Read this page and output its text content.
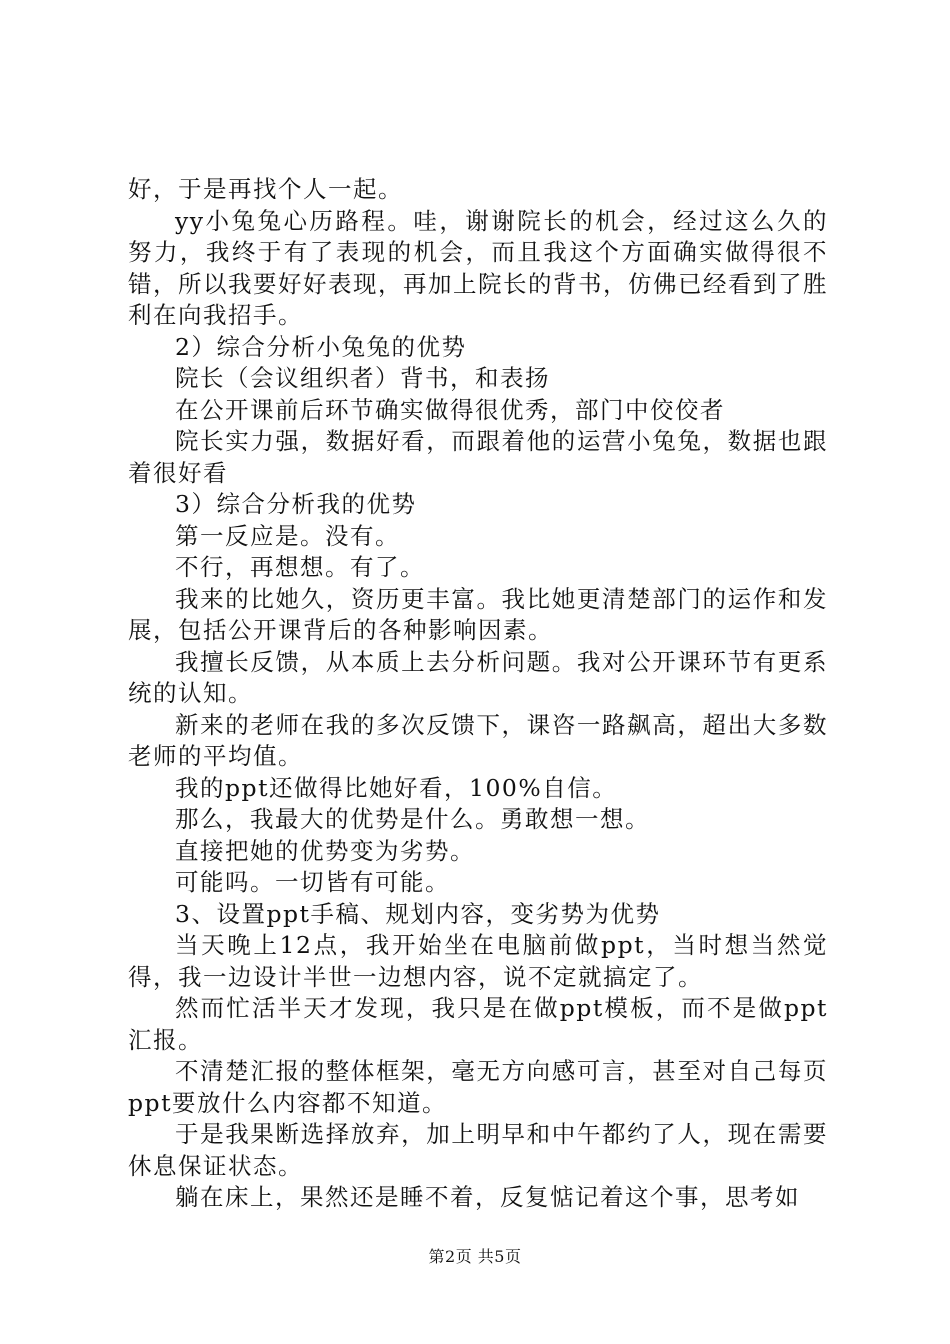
好，于是再找个人一起。

yy小兔兔心历路程。哇，谢谢院长的机会，经过这么久的努力，我终于有了表现的机会，而且我这个方面确实做得很不错，所以我要好好表现，再加上院长的背书，仿佛已经看到了胜利在向我招手。

2）综合分析小兔兔的优势

院长（会议组织者）背书，和表扬

在公开课前后环节确实做得很优秀，部门中佼佼者

院长实力强，数据好看，而跟着他的运营小兔兔，数据也跟着很好看

3）综合分析我的优势

第一反应是。没有。

不行，再想想。有了。

我来的比她久，资历更丰富。我比她更清楚部门的运作和发展，包括公开课背后的各种影响因素。

我擅长反馈，从本质上去分析问题。我对公开课环节有更系统的认知。

新来的老师在我的多次反馈下，课咨一路飙高，超出大多数老师的平均值。

我的ppt还做得比她好看，100%自信。

那么，我最大的优势是什么。勇敢想一想。

直接把她的优势变为劣势。

可能吗。一切皆有可能。

3、设置ppt手稿、规划内容，变劣势为优势

当天晚上12点，我开始坐在电脑前做ppt，当时想当然觉得，我一边设计半世一边想内容，说不定就搞定了。

然而忙活半天才发现，我只是在做ppt模板，而不是做ppt汇报。

不清楚汇报的整体框架，毫无方向感可言，甚至对自己每页ppt要放什么内容都不知道。

于是我果断选择放弃，加上明早和中午都约了人，现在需要休息保证状态。

躺在床上，果然还是睡不着，反复惦记着这个事，思考如

第2页 共5页
